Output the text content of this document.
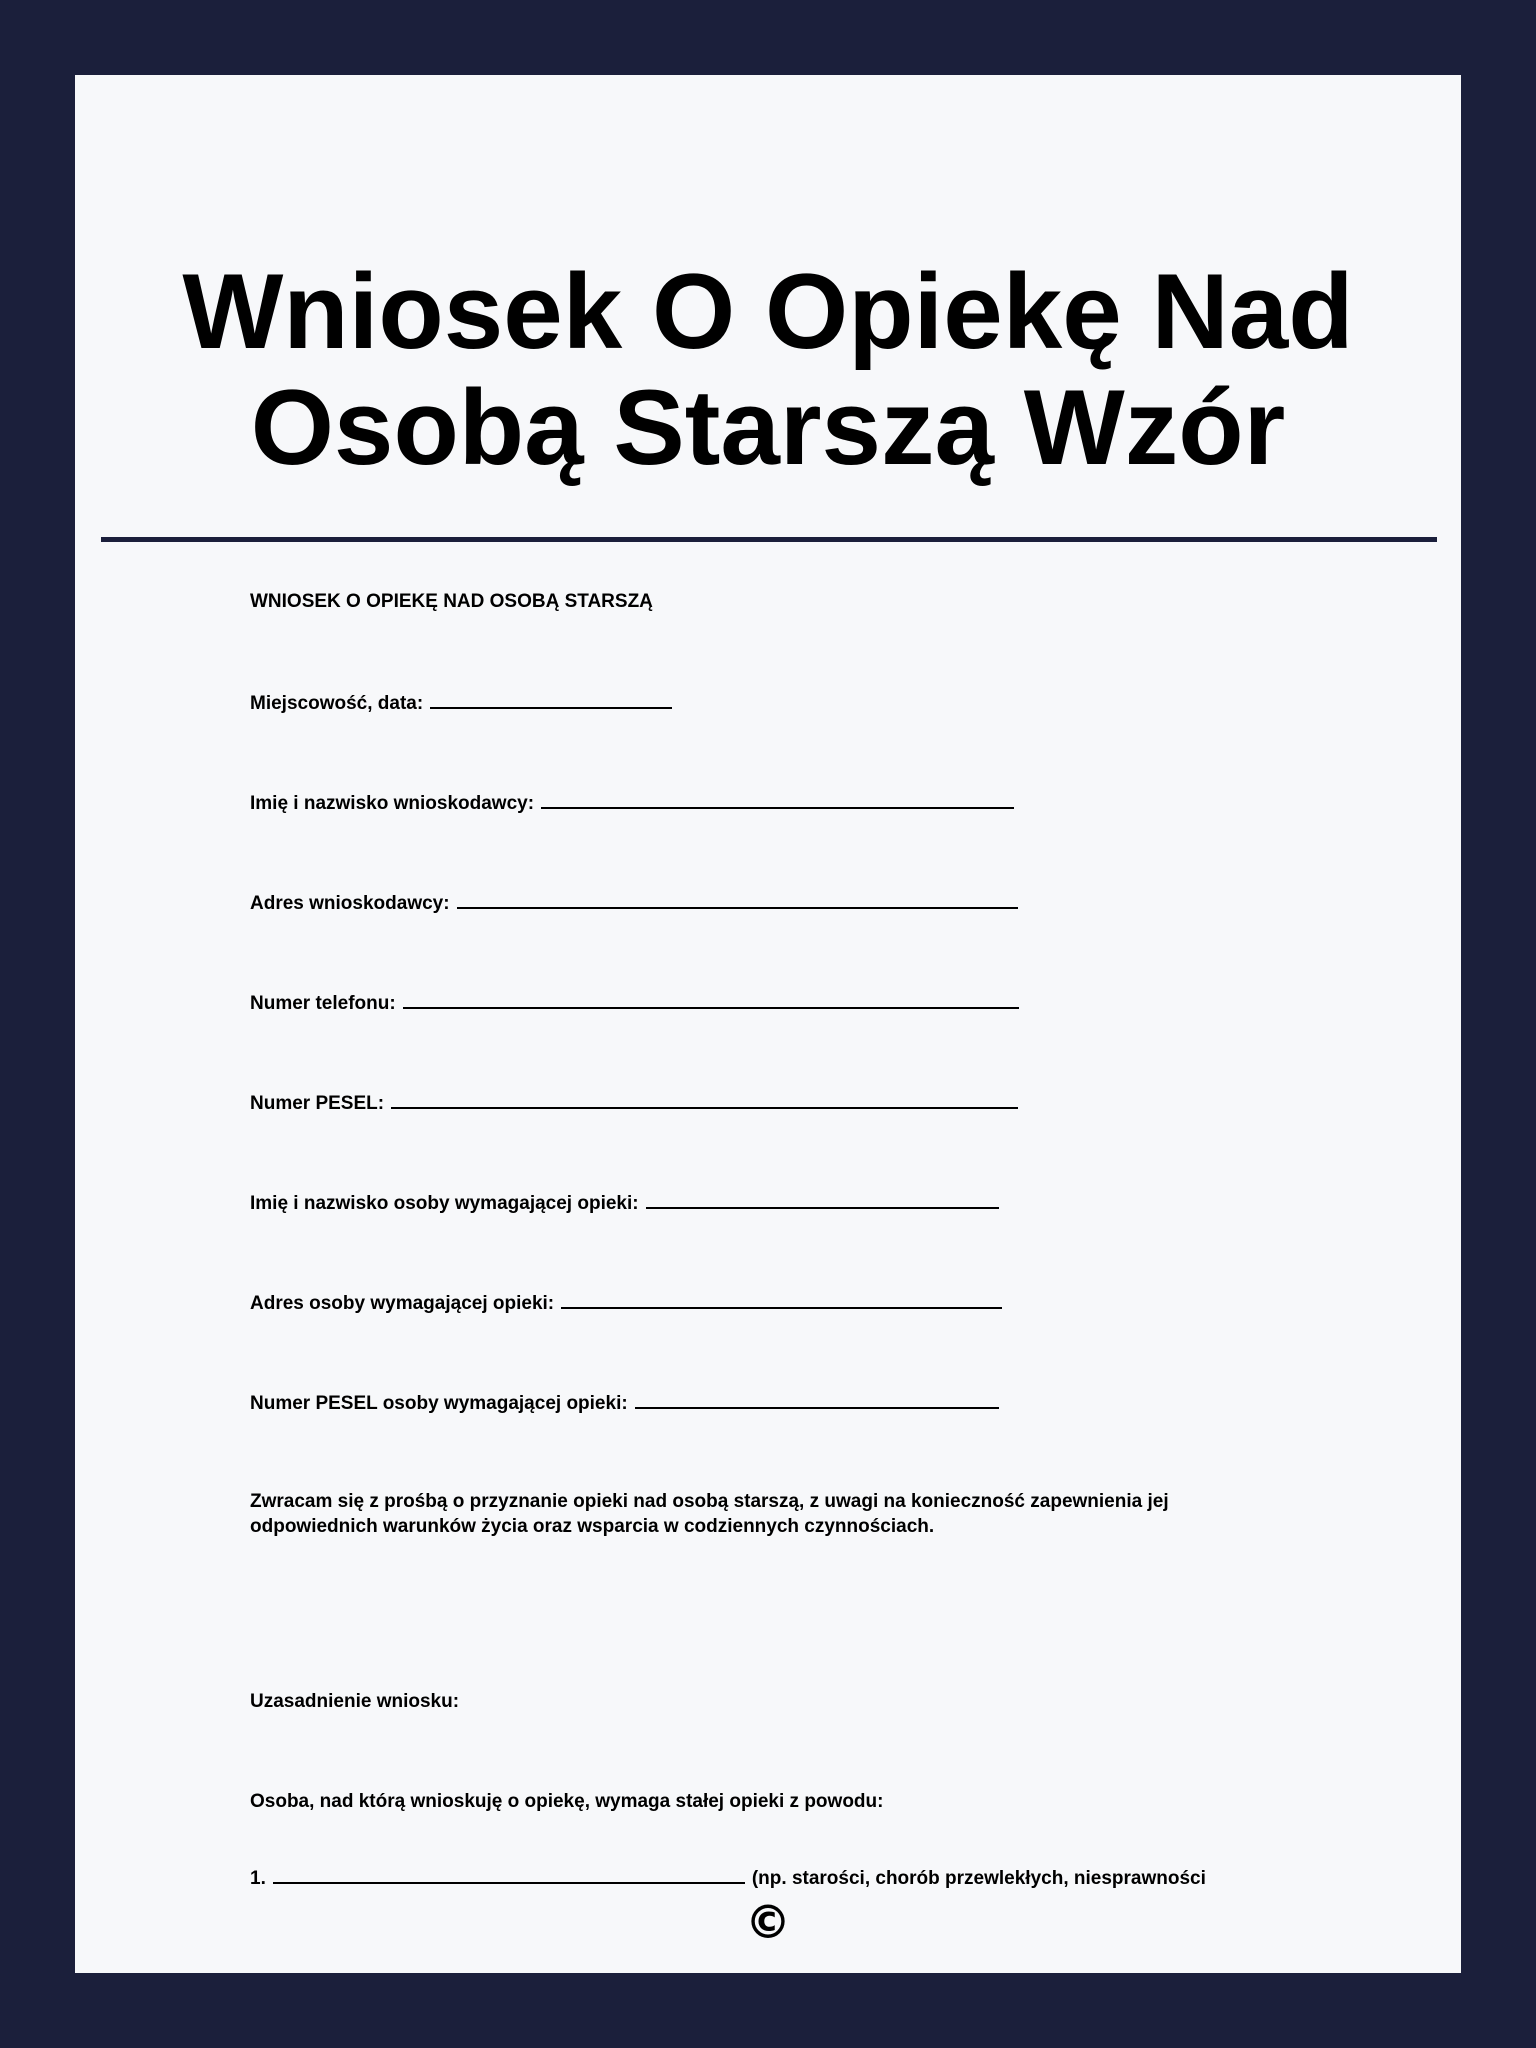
Wniosek O Opiekę Nad
Osobą Starszą Wzór
WNIOSEK O OPIEKĘ NAD OSOBĄ STARSZĄ
Miejscowość, data:
Imię i nazwisko wnioskodawcy:
Adres wnioskodawcy:
Numer telefonu:
Numer PESEL:
Imię i nazwisko osoby wymagającej opieki:
Adres osoby wymagającej opieki:
Numer PESEL osoby wymagającej opieki:
Zwracam się z prośbą o przyznanie opieki nad osobą starszą, z uwagi na konieczność zapewnienia jej odpowiednich warunków życia oraz wsparcia w codziennych czynnościach.
Uzasadnienie wniosku:
Osoba, nad którą wnioskuję o opiekę, wymaga stałej opieki z powodu:
1.	(np. starości, chorób przewlekłych, niesprawności
©
